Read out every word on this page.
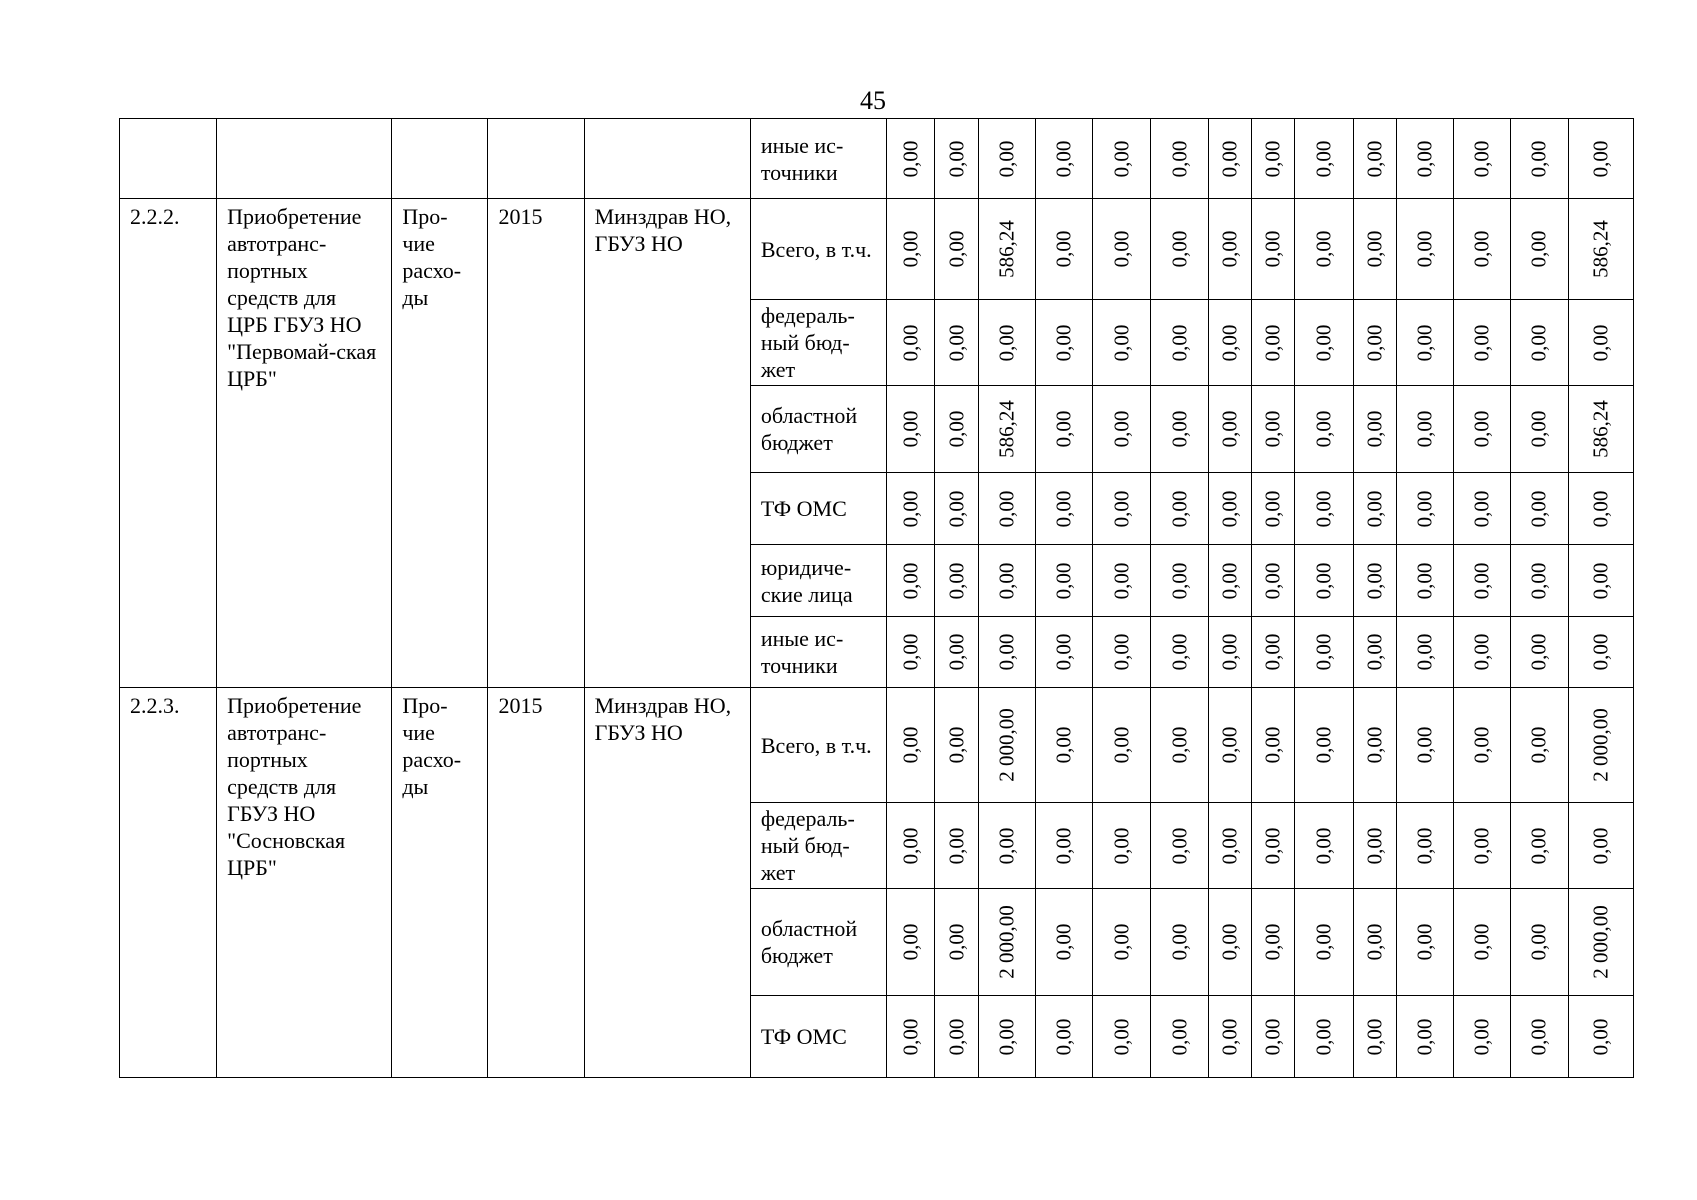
45
					иные ис-
точники	0,00	0,00	0,00	0,00	0,00	0,00	0,00	0,00	0,00	0,00	0,00	0,00	0,00	0,00

2.2.2.	Приобретение автотранс-портных средств для ЦРБ ГБУЗ НО "Первомай-ская ЦРБ"	Про-чие расхо-ды	2015	Минздрав НО, ГБУЗ НО	Всего, в т.ч.	0,00	0,00	586,24	0,00	0,00	0,00	0,00	0,00	0,00	0,00	0,00	0,00	0,00	586,24

					федераль-ный бюд-жет	0,00	0,00	0,00	0,00	0,00	0,00	0,00	0,00	0,00	0,00	0,00	0,00	0,00	0,00

					областной бюджет	0,00	0,00	586,24	0,00	0,00	0,00	0,00	0,00	0,00	0,00	0,00	0,00	0,00	586,24

					ТФ ОМС	0,00	0,00	0,00	0,00	0,00	0,00	0,00	0,00	0,00	0,00	0,00	0,00	0,00	0,00

					юридиче-ские лица	0,00	0,00	0,00	0,00	0,00	0,00	0,00	0,00	0,00	0,00	0,00	0,00	0,00	0,00

					иные ис-точники	0,00	0,00	0,00	0,00	0,00	0,00	0,00	0,00	0,00	0,00	0,00	0,00	0,00	0,00

2.2.3.	Приобретение автотранс-портных средств для ГБУЗ НО "Сосновская ЦРБ"	Про-чие расхо-ды	2015	Минздрав НО, ГБУЗ НО	Всего, в т.ч.	0,00	0,00	2 000,00	0,00	0,00	0,00	0,00	0,00	0,00	0,00	0,00	0,00	0,00	2 000,00

					федераль-ный бюд-жет	0,00	0,00	0,00	0,00	0,00	0,00	0,00	0,00	0,00	0,00	0,00	0,00	0,00	0,00

					областной бюджет	0,00	0,00	2 000,00	0,00	0,00	0,00	0,00	0,00	0,00	0,00	0,00	0,00	0,00	2 000,00

					ТФ ОМС	0,00	0,00	0,00	0,00	0,00	0,00	0,00	0,00	0,00	0,00	0,00	0,00	0,00	0,00
